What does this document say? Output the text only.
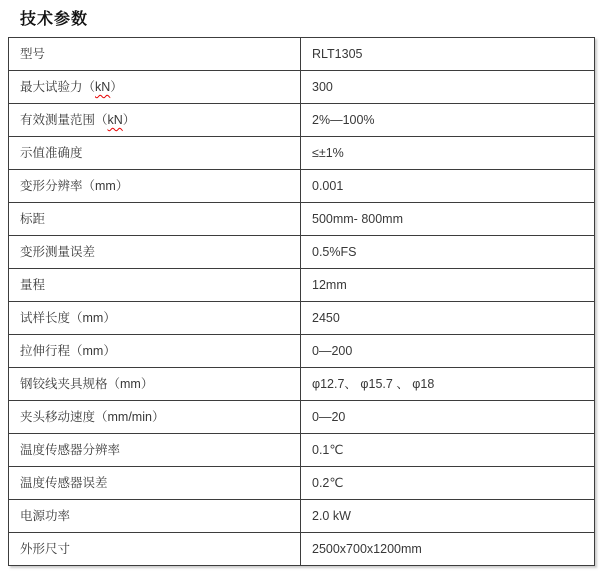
技术参数
型号	RLT1305
最大试验力（kN）	300
有效测量范围（kN）	2%—100%
示值准确度	≤±1%
变形分辨率（mm）	0.001
标距	500mm- 800mm
变形测量误差	0.5%FS
量程	12mm
试样长度（mm）	2450
拉伸行程（mm）	0—200
钢铰线夹具规格（mm）	φ12.7、 φ15.7 、 φ18
夹头移动速度（mm/min）	0—20
温度传感器分辨率	0.1℃
温度传感器误差	0.2℃
电源功率	2.0 kW
外形尺寸	2500x700x1200mm
